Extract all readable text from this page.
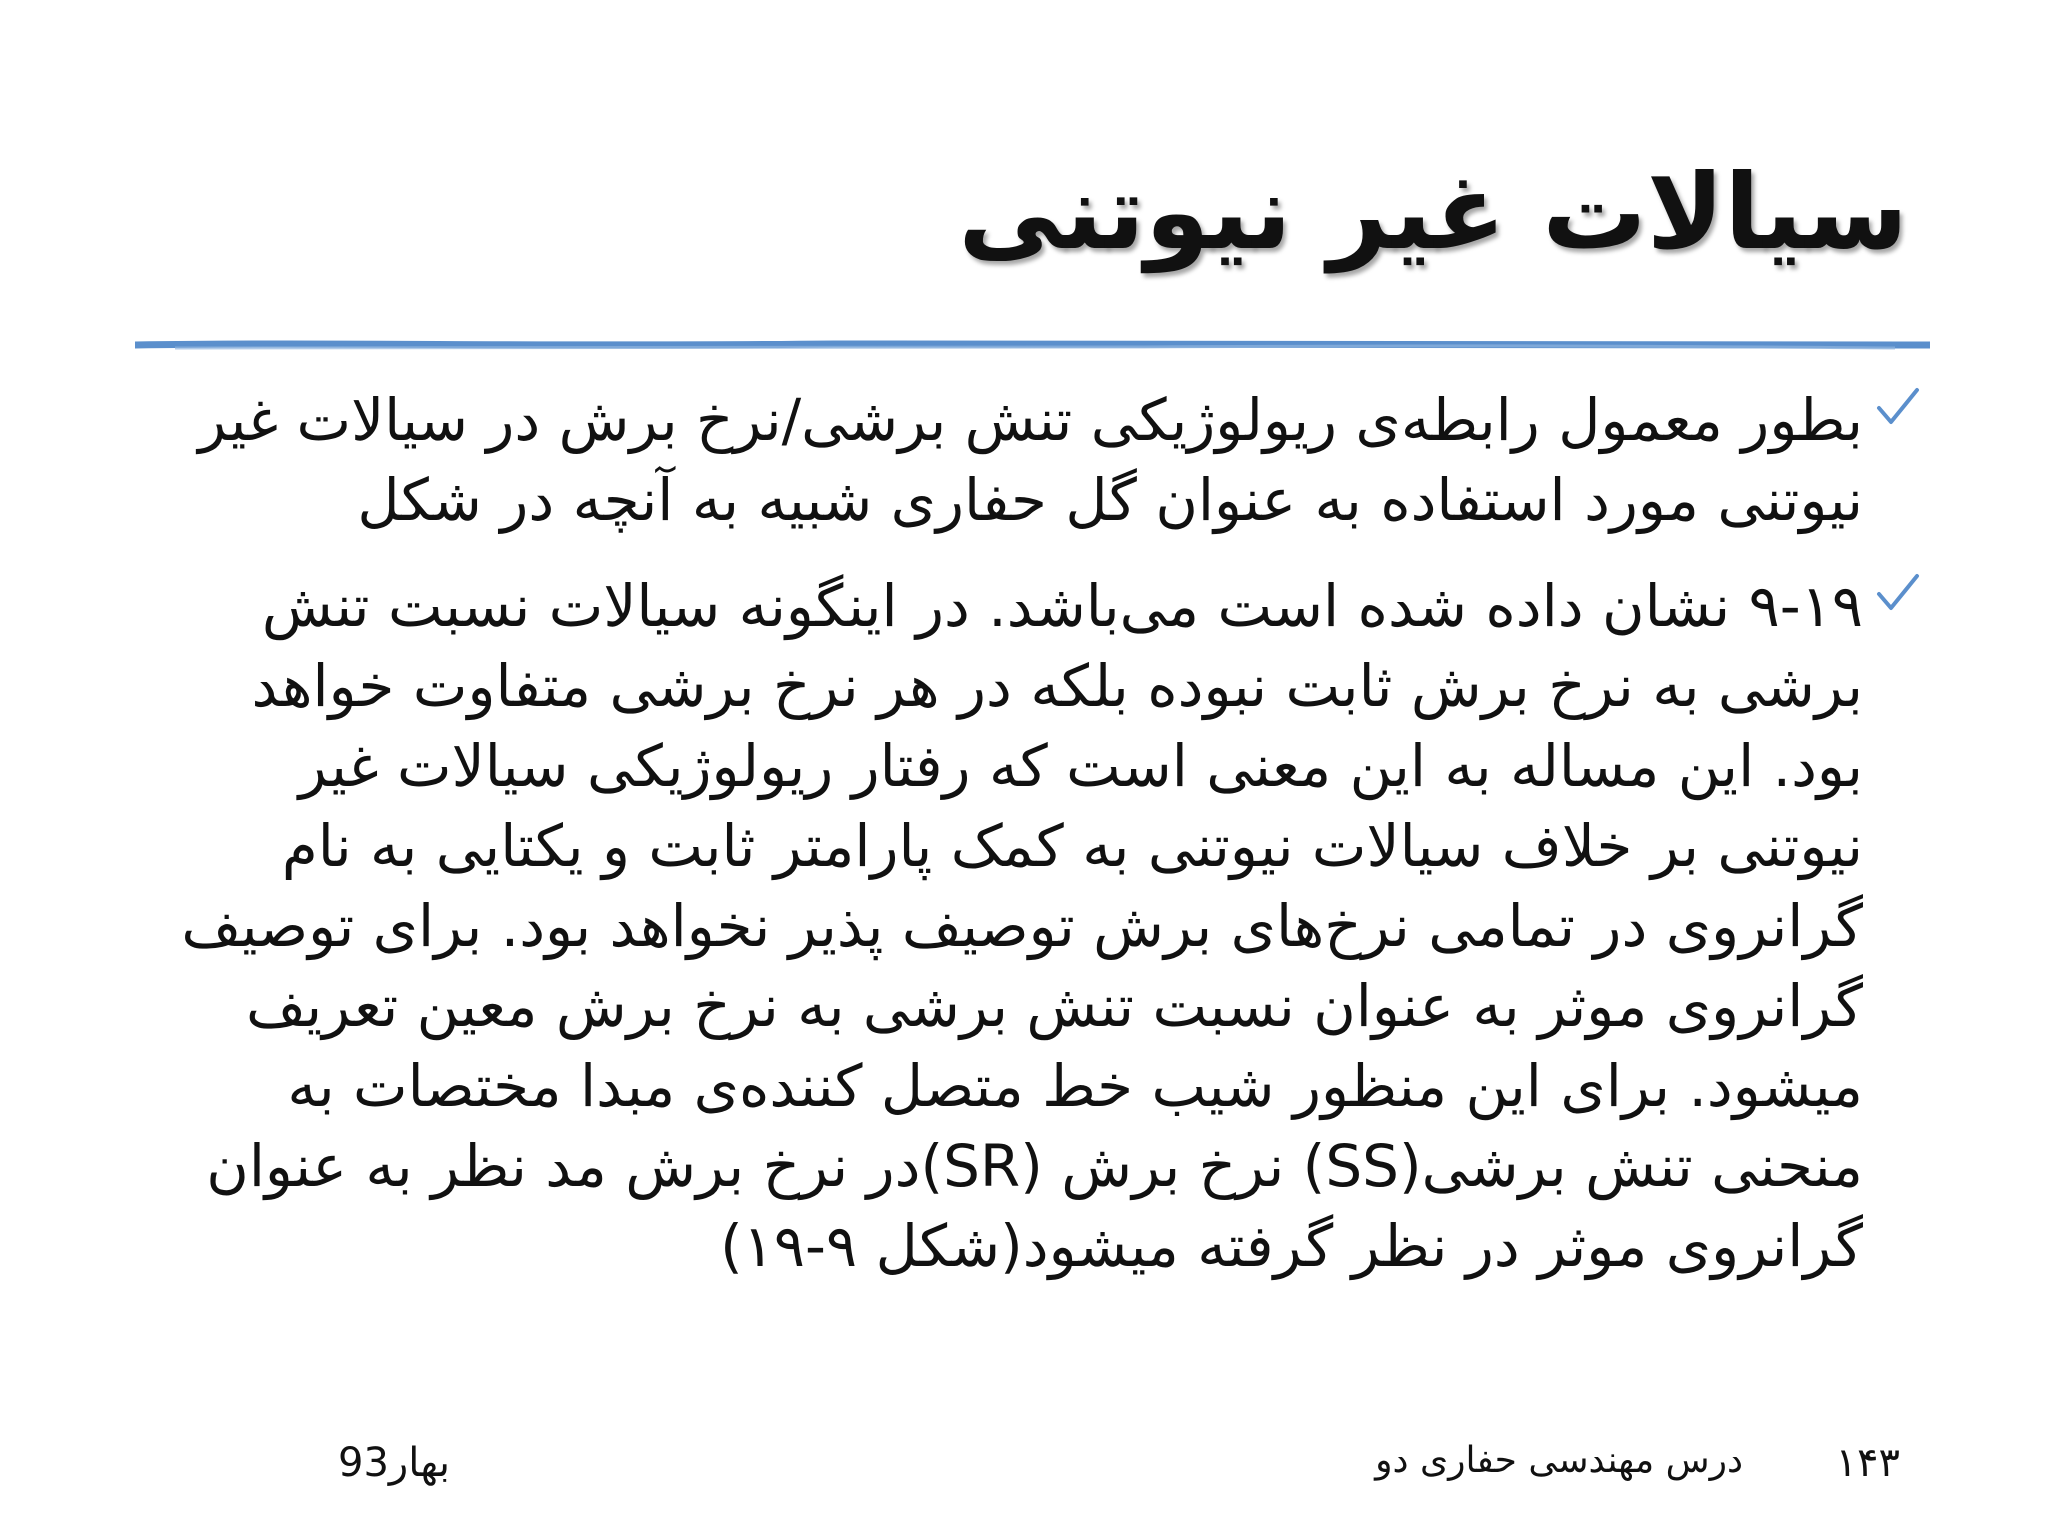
سیالات غیر نیوتنی
بطور معمول رابطه‌ی ریولوژیکی تنش برشی/نرخ برش در سیالات غیر نیوتنی مورد استفاده به عنوان گل حفاری شبیه به آنچه در شکل
۹-۱۹ نشان داده شده است می‌باشد. در اینگونه سیالات نسبت تنش برشی به نرخ برش ثابت نبوده بلکه در هر نرخ برشی متفاوت خواهد بود. این مساله به این معنی است که رفتار ریولوژیکی سیالات غیر نیوتنی بر خلاف سیالات نیوتنی به کمک پارامتر ثابت و یکتایی به نام گرانروی در تمامی نرخ‌های برش توصیف پذیر نخواهد بود. برای توصیف گرانروی موثر به عنوان نسبت تنش برشی به نرخ برش معین تعریف میشود. برای این منظور شیب خط متصل کننده‌ی مبدا مختصات به منحنی تنش برشی(SS) نرخ برش (SR)در نرخ برش مد نظر به عنوان گرانروی موثر در نظر گرفته میشود(شکل ۹-۱۹)
۱۴۳
درس مهندسی حفاری دو
بهار93
